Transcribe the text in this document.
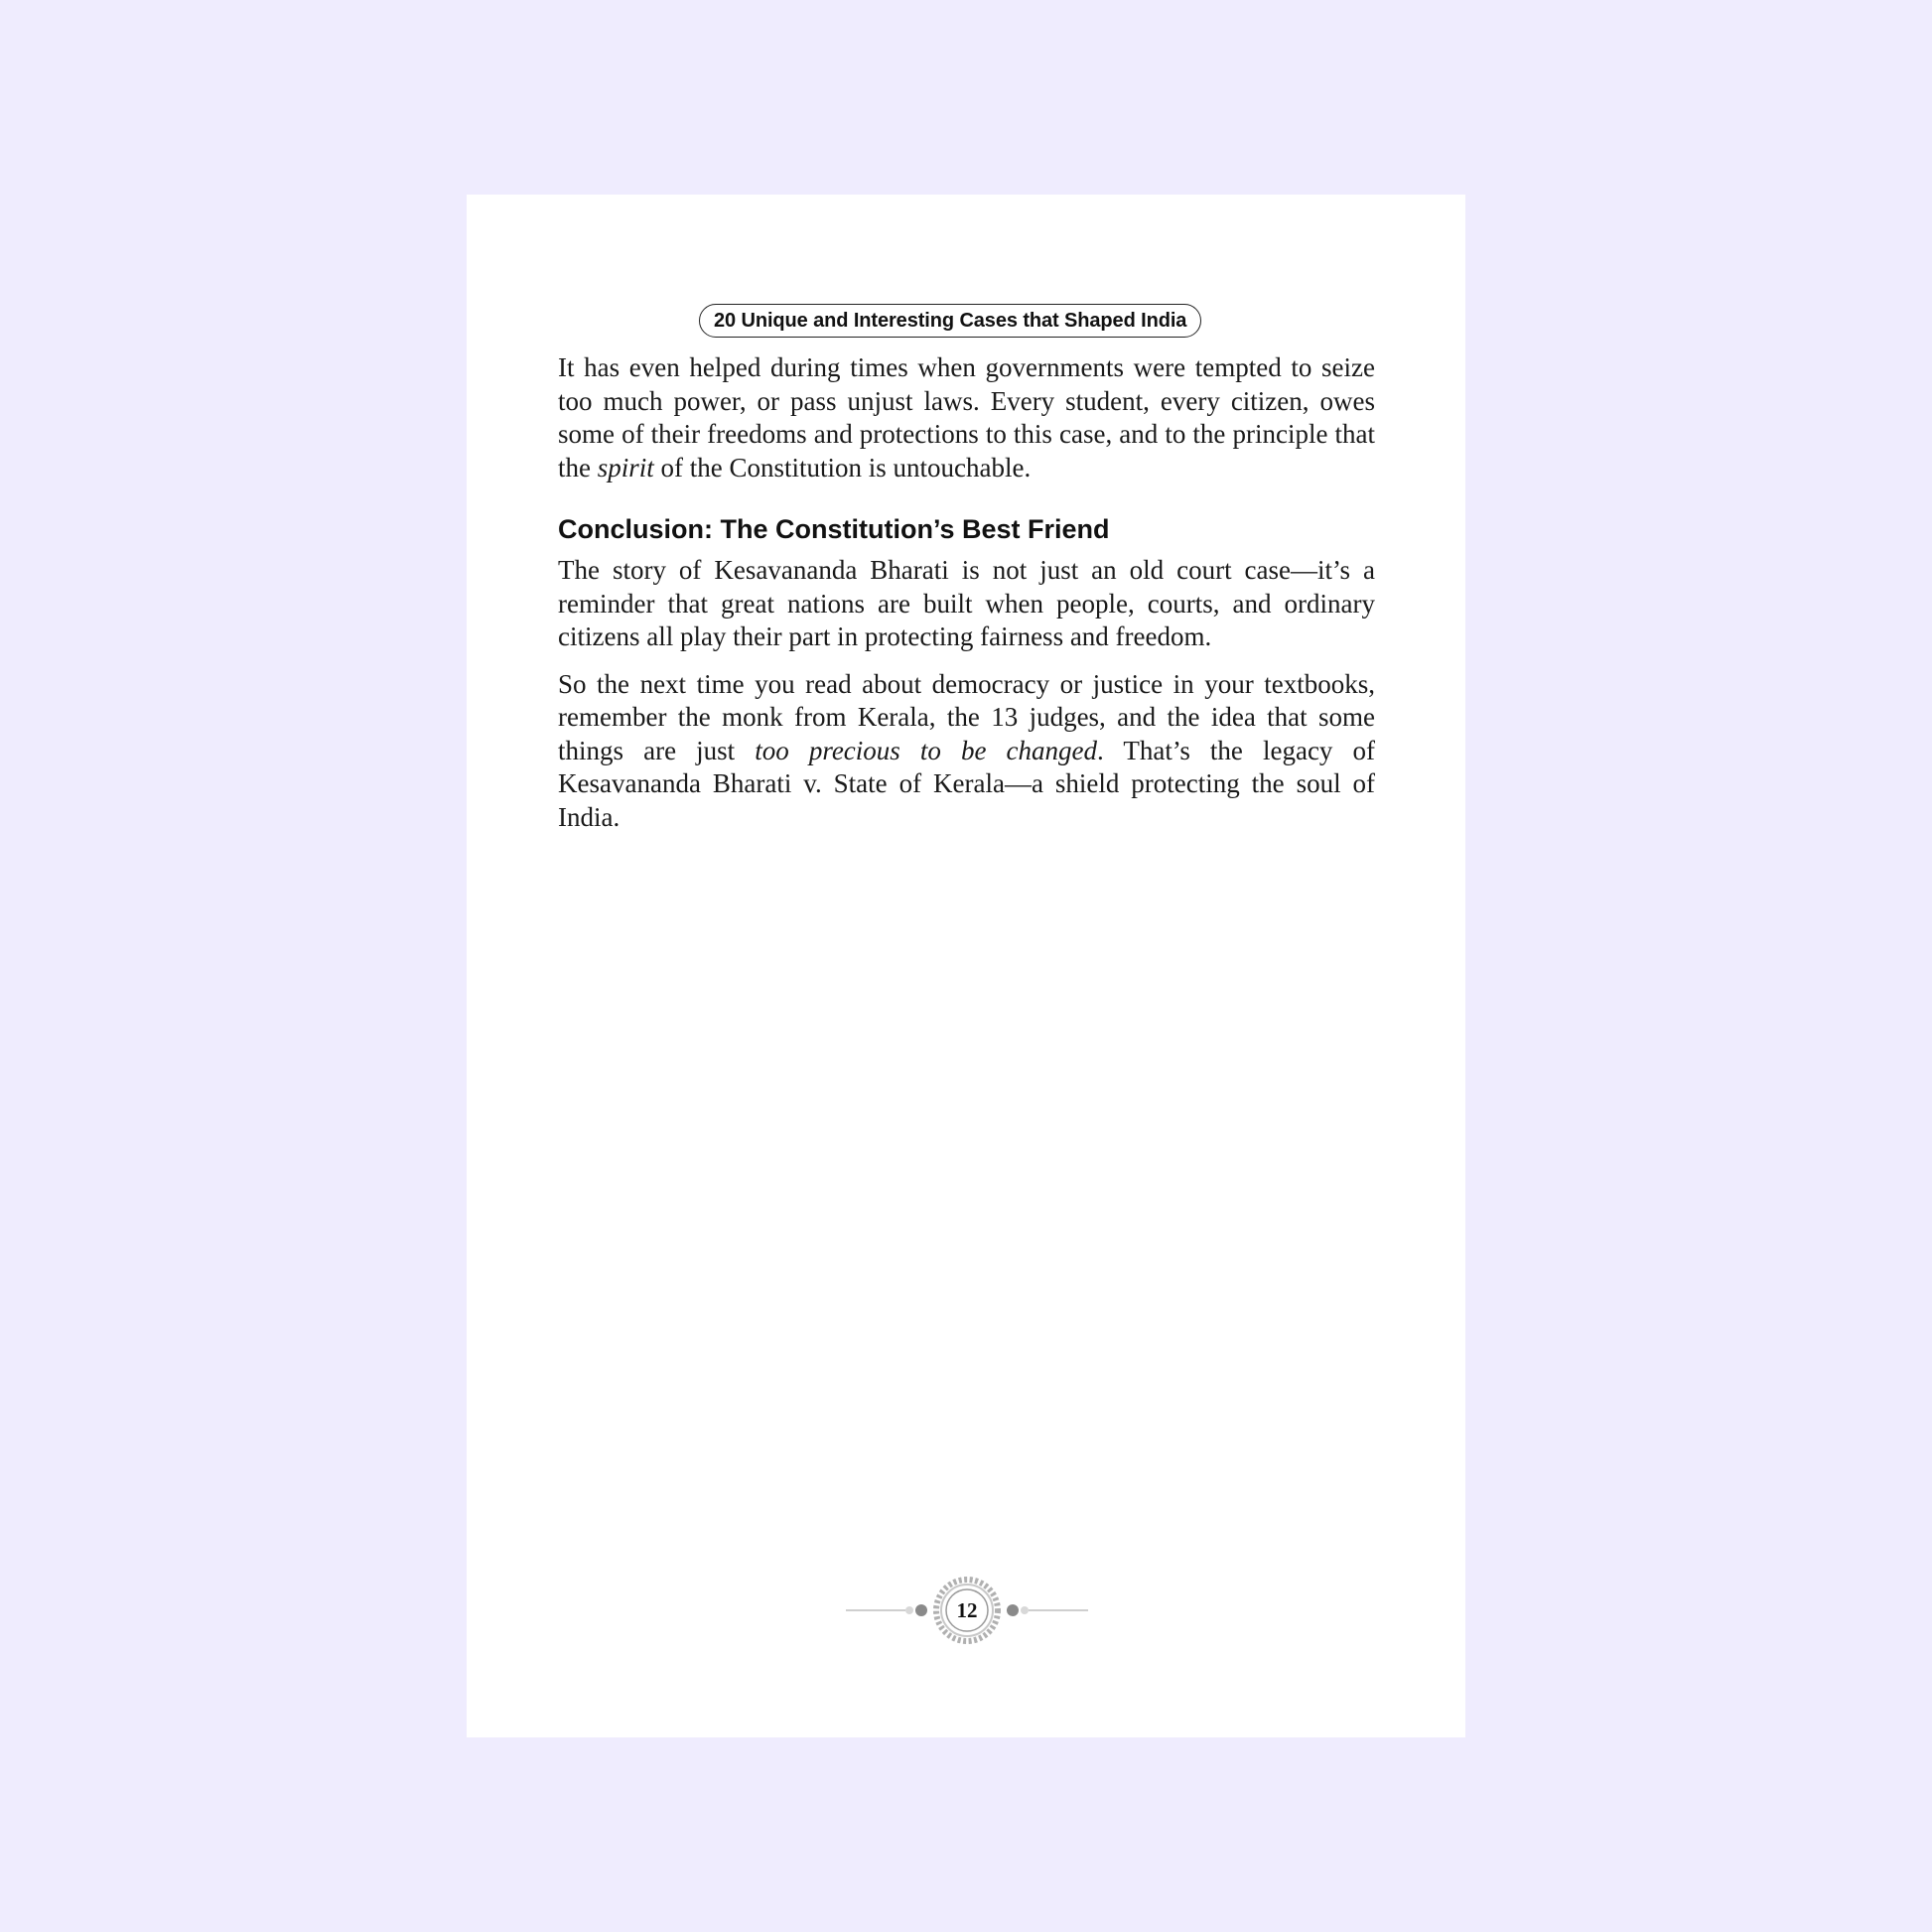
20 Unique and Interesting Cases that Shaped India

It has even helped during times when governments were tempted to seize too much power, or pass unjust laws. Every student, every citizen, owes some of their freedoms and protections to this case, and to the principle that the spirit of the Constitution is untouchable.

Conclusion: The Constitution’s Best Friend

The story of Kesavananda Bharati is not just an old court case—it’s a reminder that great nations are built when people, courts, and ordinary citizens all play their part in protecting fairness and freedom.

So the next time you read about democracy or justice in your textbooks, remember the monk from Kerala, the 13 judges, and the idea that some things are just too precious to be changed. That’s the legacy of Kesavananda Bharati v. State of Kerala—a shield protecting the soul of India.

12
